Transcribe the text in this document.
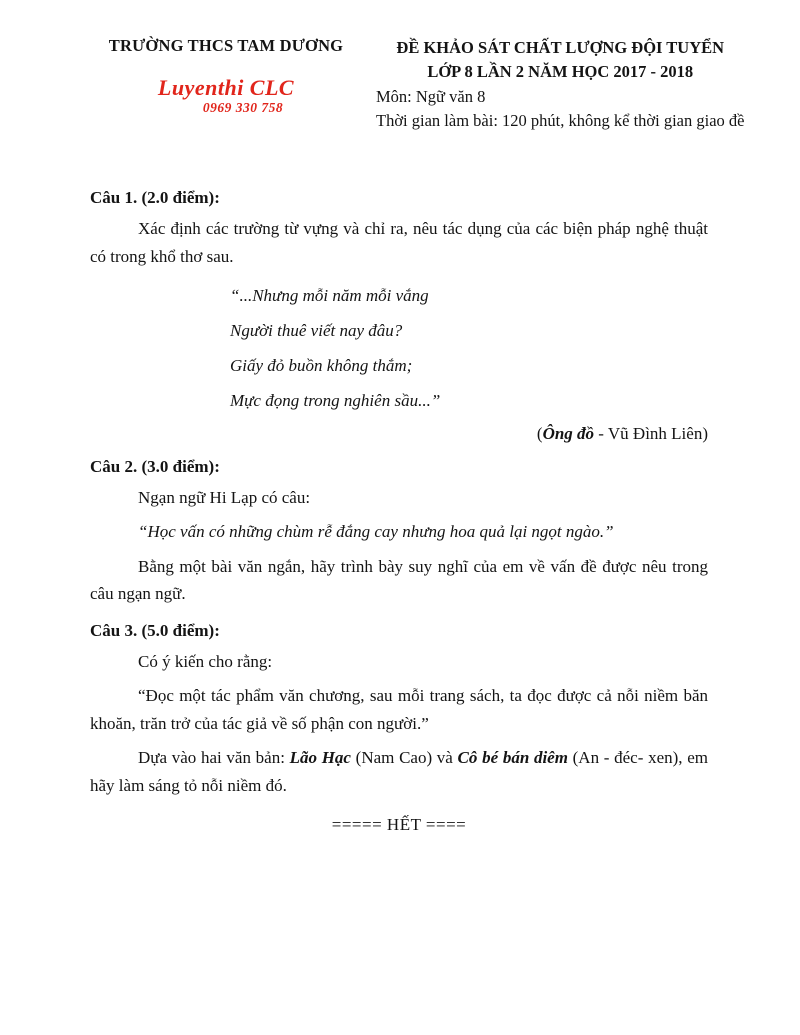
TRƯỜNG THCS TAM DƯƠNG
Luyenthi CLC
0969 330 758
ĐỀ KHẢO SÁT CHẤT LƯỢNG ĐỘI TUYỂN
LỚP 8 LẦN 2 NĂM HỌC 2017 - 2018
Môn: Ngữ văn 8
Thời gian làm bài: 120 phút, không kể thời gian giao đề
Câu 1. (2.0 điểm):

Xác định các trường từ vựng và chỉ ra, nêu tác dụng của các biện pháp nghệ thuật có trong khổ thơ sau.

“...Nhưng mỗi năm mỗi vắng
Người thuê viết nay đâu?
Giấy đỏ buồn không thắm;
Mực đọng trong nghiên sầu...”
(Ông đồ - Vũ Đình Liên)
Câu 2. (3.0 điểm):

Ngạn ngữ Hi Lạp có câu:

“Học vấn có những chùm rễ đắng cay nhưng hoa quả lại ngọt ngào.”

Bằng một bài văn ngắn, hãy trình bày suy nghĩ của em về vấn đề được nêu trong câu ngạn ngữ.

Câu 3. (5.0 điểm):

Có ý kiến cho rằng:

“Đọc một tác phẩm văn chương, sau mỗi trang sách, ta đọc được cả nỗi niềm băn khoăn, trăn trở của tác giả về số phận con người.”

Dựa vào hai văn bản: Lão Hạc (Nam Cao) và Cô bé bán diêm (An - đéc- xen), em hãy làm sáng tỏ nỗi niềm đó.

===== HẾT ====
